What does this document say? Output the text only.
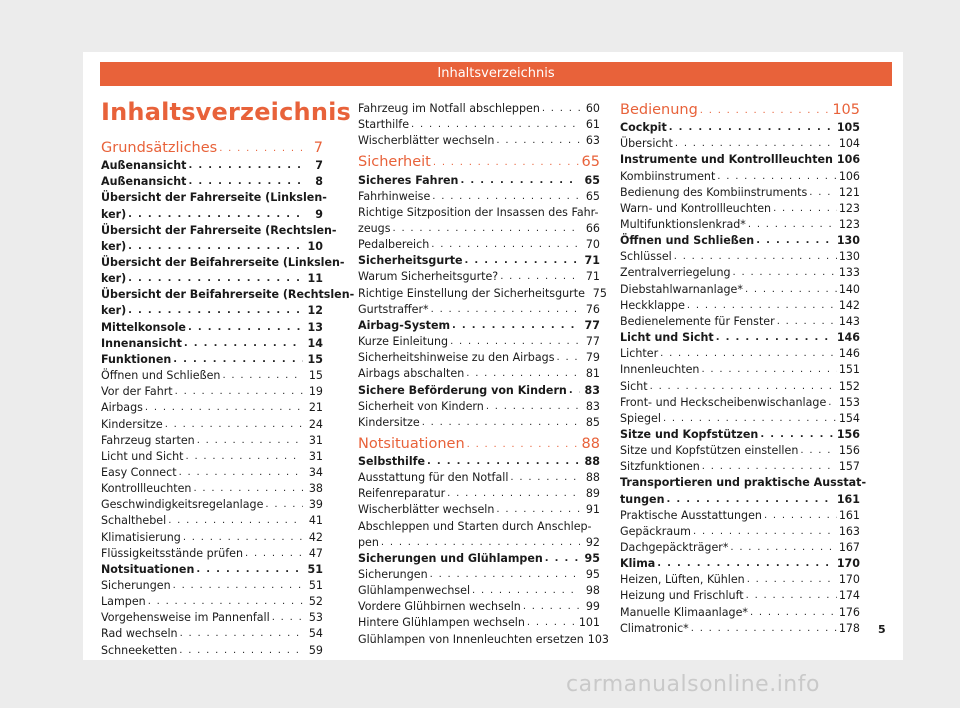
Inhaltsverzeichnis
Inhaltsverzeichnis
Grundsätzliches . . .	7
Außenansicht . . .	7
Außenansicht . . .	8
Übersicht der Fahrerseite (Linkslen-
ker) . . .	9
Übersicht der Fahrerseite (Rechtslen-
ker) . . .	10
Übersicht der Beifahrerseite (Linkslen-
ker) . . .	11
Übersicht der Beifahrerseite (Rechtslen-
ker) . . .	12
Mittelkonsole . . .	13
Innenansicht . . .	14
Funktionen . . .	15
Öffnen und Schließen . . .	15
Vor der Fahrt . . .	19
Airbags . . .	21
Kindersitze . . .	24
Fahrzeug starten . . .	31
Licht und Sicht . . .	31
Easy Connect . . .	34
Kontrollleuchten . . .	38
Geschwindigkeitsregelanlage . . .	39
Schalthebel . . .	41
Klimatisierung . . .	42
Flüssigkeitsstände prüfen . . .	47
Notsituationen . . .	51
Sicherungen . . .	51
Lampen . . .	52
Vorgehensweise im Pannenfall . . .	53
Rad wechseln . . .	54
Schneeketten . . .	59
Fahrzeug im Notfall abschleppen . . .	60
Starthilfe . . .	61
Wischerblätter wechseln . . .	63
Sicherheit . . .	65
Sicheres Fahren . . .	65
Fahrhinweise . . .	65
Richtige Sitzposition der Insassen des Fahr-
zeugs . . .	66
Pedalbereich . . .	70
Sicherheitsgurte . . .	71
Warum Sicherheitsgurte? . . .	71
Richtige Einstellung der Sicherheitsgurte 75
Gurtstraffer* . . .	76
Airbag-System . . .	77
Kurze Einleitung . . .	77
Sicherheitshinweise zu den Airbags . . .	79
Airbags abschalten . . .	81
Sichere Beförderung von Kindern . . . 83
Sicherheit von Kindern . . .	83
Kindersitze . . .	85
Notsituationen . . .	88
Selbsthilfe . . .	88
Ausstattung für den Notfall . . .	88
Reifenreparatur . . .	89
Wischerblätter wechseln . . .	91
Abschleppen und Starten durch Anschlep-
pen . . .	92
Sicherungen und Glühlampen . . .	95
Sicherungen . . .	95
Glühlampenwechsel . . .	98
Vordere Glühbirnen wechseln . . .	99
Hintere Glühlampen wechseln . . .	101
Glühlampen von Innenleuchten ersetzen 103
Bedienung . . .	105
Cockpit . . .	105
Übersicht . . .	104
Instrumente und Kontrollleuchten 106
Kombiinstrument . . .	106
Bedienung des Kombiinstruments . . .	121
Warn- und Kontrollleuchten . . .	123
Multifunktionslenkrad* . . .	123
Öffnen und Schließen . . .	130
Schlüssel . . .	130
Zentralverriegelung . . .	133
Diebstahlwarnanlage* . . .	140
Heckklappe . . .	142
Bedienelemente für Fenster . . .	143
Licht und Sicht . . .	146
Lichter . . .	146
Innenleuchten . . .	151
Sicht . . .	152
Front- und Heckscheibenwischanlage . . . 153
Spiegel . . .	154
Sitze und Kopfstützen . . .	156
Sitze und Kopfstützen einstellen . . .	156
Sitzfunktionen . . .	157
Transportieren und praktische Ausstat-
tungen . . .	161
Praktische Ausstattungen . . .	161
Gepäckraum . . .	163
Dachgepäckträger* . . .	167
Klima . . .	170
Heizen, Lüften, Kühlen . . .	170
Heizung und Frischluft . . .	174
Manuelle Klimaanlage* . . .	176
Climatronic* . . .	178 5
carmanualsonline.info
